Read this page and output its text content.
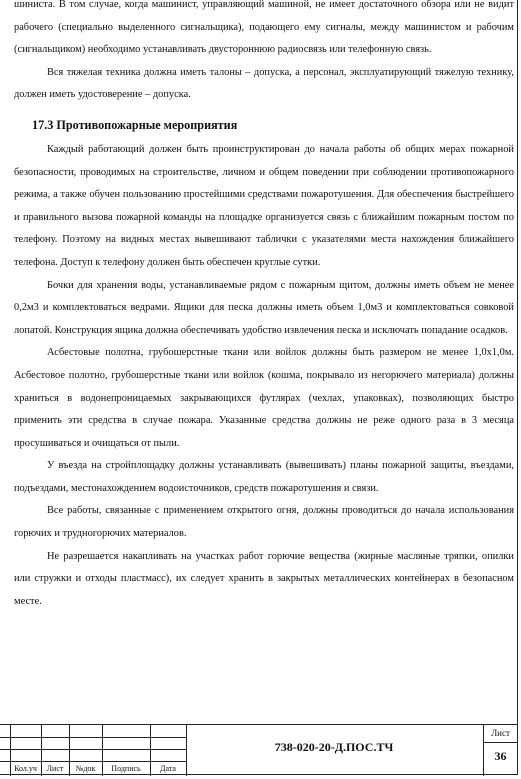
шиниста. В том случае, когда машинист, управляющий машиной, не имеет достаточного обзора или не видит рабочего (специально выделенного сигнальщика), подающего ему сигналы, между машинистом и рабочим (сигнальщиком) необходимо устанавливать двустороннюю радиосвязь или телефонную связь.

Вся тяжелая техника должна иметь талоны – допуска, а персонал, эксплуатирующий тяжелую технику, должен иметь удостоверение – допуска.

17.3 Противопожарные мероприятия

Каждый работающий должен быть проинструктирован до начала работы об общих мерах пожарной безопасности, проводимых на строительстве, личном и общем поведении при соблюдении противопожарного режима, а также обучен пользованию простейшими средствами пожаротушения. Для обеспечения быстрейшего и правильного вызова пожарной команды на площадке организуется связь с ближайшим пожарным постом по телефону. Поэтому на видных местах вывешивают таблички с указателями места нахождения ближайшего телефона. Доступ к телефону должен быть обеспечен круглые сутки.

Бочки для хранения воды, устанавливаемые рядом с пожарным щитом, должны иметь объем не менее 0,2м3 и комплектоваться ведрами. Ящики для песка должны иметь объем 1,0м3 и комплектоваться совковой лопатой. Конструкция ящика должна обеспечивать удобство извлечения песка и исключать попадание осадков.

Асбестовые полотна, грубошерстные ткани или войлок должны быть размером не менее 1,0х1,0м. Асбестовое полотно, грубошерстные ткани или войлок (кошма, покрывало из негорючего материала) должны храниться в водонепроницаемых закрывающихся футлярах (чехлах, упаковках), позволяющих быстро применить эти средства в случае пожара. Указанные средства должны не реже одного раза в 3 месяца просушиваться и очищаться от пыли.

У въезда на стройплощадку должны устанавливать (вывешивать) планы пожарной защиты, въездами, подъездами, местонахождением водоисточников, средств пожаротушения и связи.

Все работы, связанные с применением открытого огня, должны проводиться до начала использования горючих и трудногорючих материалов.

Не разрешается накапливать на участках работ горючие вещества (жирные масляные тряпки, опилки или стружки и отходы пластмасс), их следует хранить в закрытых металлических контейнерах в безопасном месте.

Кол.уч	Лист	№док	Подпись	Дата
738-020-20-Д.ПОС.ТЧ
Лист
36
